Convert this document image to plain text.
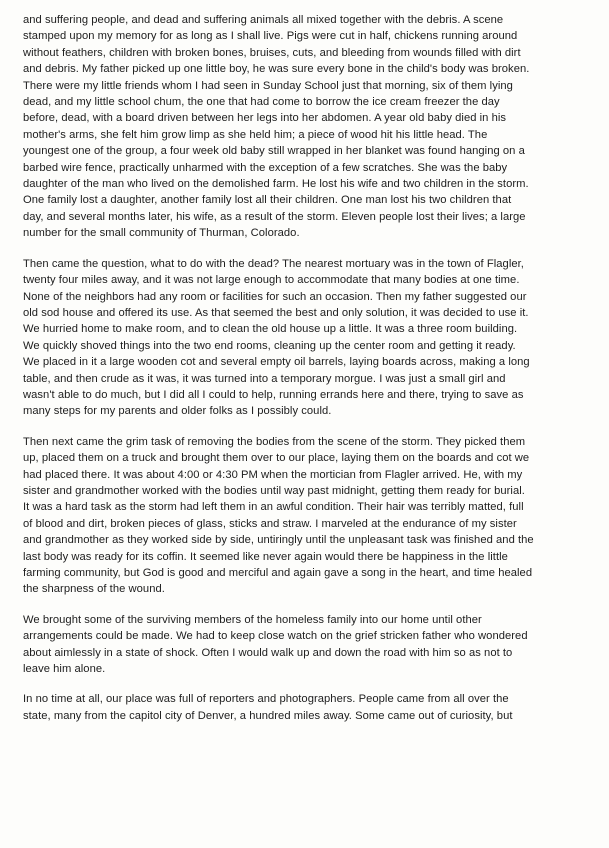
and suffering people, and dead and suffering animals all mixed together with the debris. A scene
stamped upon my memory for as long as I shall live. Pigs were cut in half, chickens running around
without feathers, children with broken bones, bruises, cuts, and bleeding from wounds filled with dirt
and debris. My father picked up one little boy, he was sure every bone in the child's body was broken.
There were my little friends whom I had seen in Sunday School just that morning, six of them lying
dead, and my little school chum, the one that had come to borrow the ice cream freezer the day
before, dead, with a board driven between her legs into her abdomen. A year old baby died in his
mother's arms, she felt him grow limp as she held him; a piece of wood hit his little head. The
youngest one of the group, a four week old baby still wrapped in her blanket was found hanging on a
barbed wire fence, practically unharmed with the exception of a few scratches. She was the baby
daughter of the man who lived on the demolished farm. He lost his wife and two children in the storm.
One family lost a daughter, another family lost all their children. One man lost his two children that
day, and several months later, his wife, as a result of the storm. Eleven people lost their lives; a large
number for the small community of Thurman, Colorado.
Then came the question, what to do with the dead? The nearest mortuary was in the town of Flagler,
twenty four miles away, and it was not large enough to accommodate that many bodies at one time.
None of the neighbors had any room or facilities for such an occasion. Then my father suggested our
old sod house and offered its use. As that seemed the best and only solution, it was decided to use it.
We hurried home to make room, and to clean the old house up a little. It was a three room building.
We quickly shoved things into the two end rooms, cleaning up the center room and getting it ready.
We placed in it a large wooden cot and several empty oil barrels, laying boards across, making a long
table, and then crude as it was, it was turned into a temporary morgue. I was just a small girl and
wasn't able to do much, but I did all I could to help, running errands here and there, trying to save as
many steps for my parents and older folks as I possibly could.
Then next came the grim task of removing the bodies from the scene of the storm. They picked them
up, placed them on a truck and brought them over to our place, laying them on the boards and cot we
had placed there. It was about 4:00 or 4:30 PM when the mortician from Flagler arrived. He, with my
sister and grandmother worked with the bodies until way past midnight, getting them ready for burial.
It was a hard task as the storm had left them in an awful condition. Their hair was terribly matted, full
of blood and dirt, broken pieces of glass, sticks and straw. I marveled at the endurance of my sister
and grandmother as they worked side by side, untiringly until the unpleasant task was finished and the
last body was ready for its coffin. It seemed like never again would there be happiness in the little
farming community, but God is good and merciful and again gave a song in the heart, and time healed
the sharpness of the wound.
We brought some of the surviving members of the homeless family into our home until other
arrangements could be made. We had to keep close watch on the grief stricken father who wondered
about aimlessly in a state of shock. Often I would walk up and down the road with him so as not to
leave him alone.
In no time at all, our place was full of reporters and photographers. People came from all over the
state, many from the capitol city of Denver, a hundred miles away. Some came out of curiosity, but
